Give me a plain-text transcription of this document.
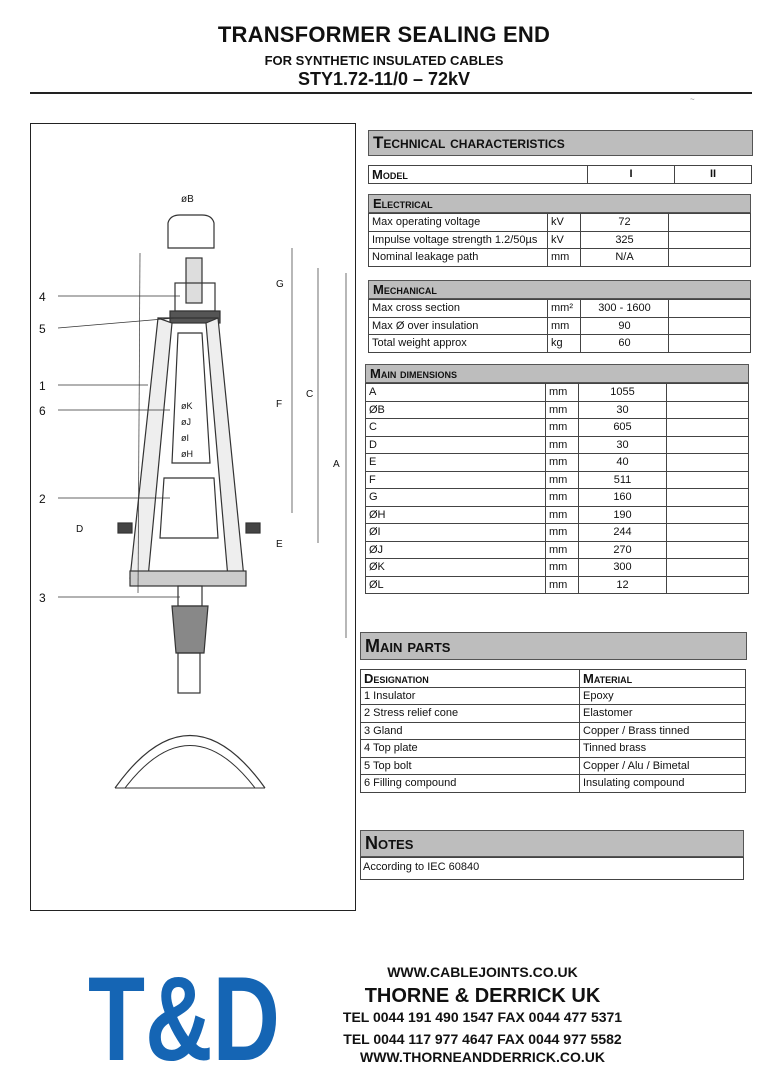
TRANSFORMER SEALING END
FOR SYNTHETIC INSULATED CABLES
STY1.72-11/0 – 72kV
~
øB
G
C
F
A
E
D
øK
øJ
øI
øH
4
5
1
6
2
3
Technical characteristics
Model	I	II
Electrical
Max operating voltage	kV	72	
Impulse voltage strength 1.2/50µs	kV	325	
Nominal leakage path	mm	N/A	
Mechanical
Max cross section	mm²	300 - 1600	
Max Ø over insulation	mm	90	
Total weight approx	kg	60	
Main dimensions
A	mm	1055	
ØB	mm	30	
C	mm	605	
D	mm	30	
E	mm	40	
F	mm	511	
G	mm	160	
ØH	mm	190	
ØI	mm	244	
ØJ	mm	270	
ØK	mm	300	
ØL	mm	12	
Main parts
Designation	Material
1 Insulator	Epoxy
2 Stress relief cone	Elastomer
3 Gland	Copper / Brass tinned
4 Top plate	Tinned brass
5 Top bolt	Copper / Alu / Bimetal
6 Filling compound	Insulating compound
Notes
According to IEC 60840
T&D	WWW.CABLEJOINTS.CO.UK
THORNE & DERRICK UK
TEL 0044 191 490 1547 FAX 0044 477 5371
TEL 0044 117 977 4647 FAX 0044 977 5582
WWW.THORNEANDDERRICK.CO.UK
